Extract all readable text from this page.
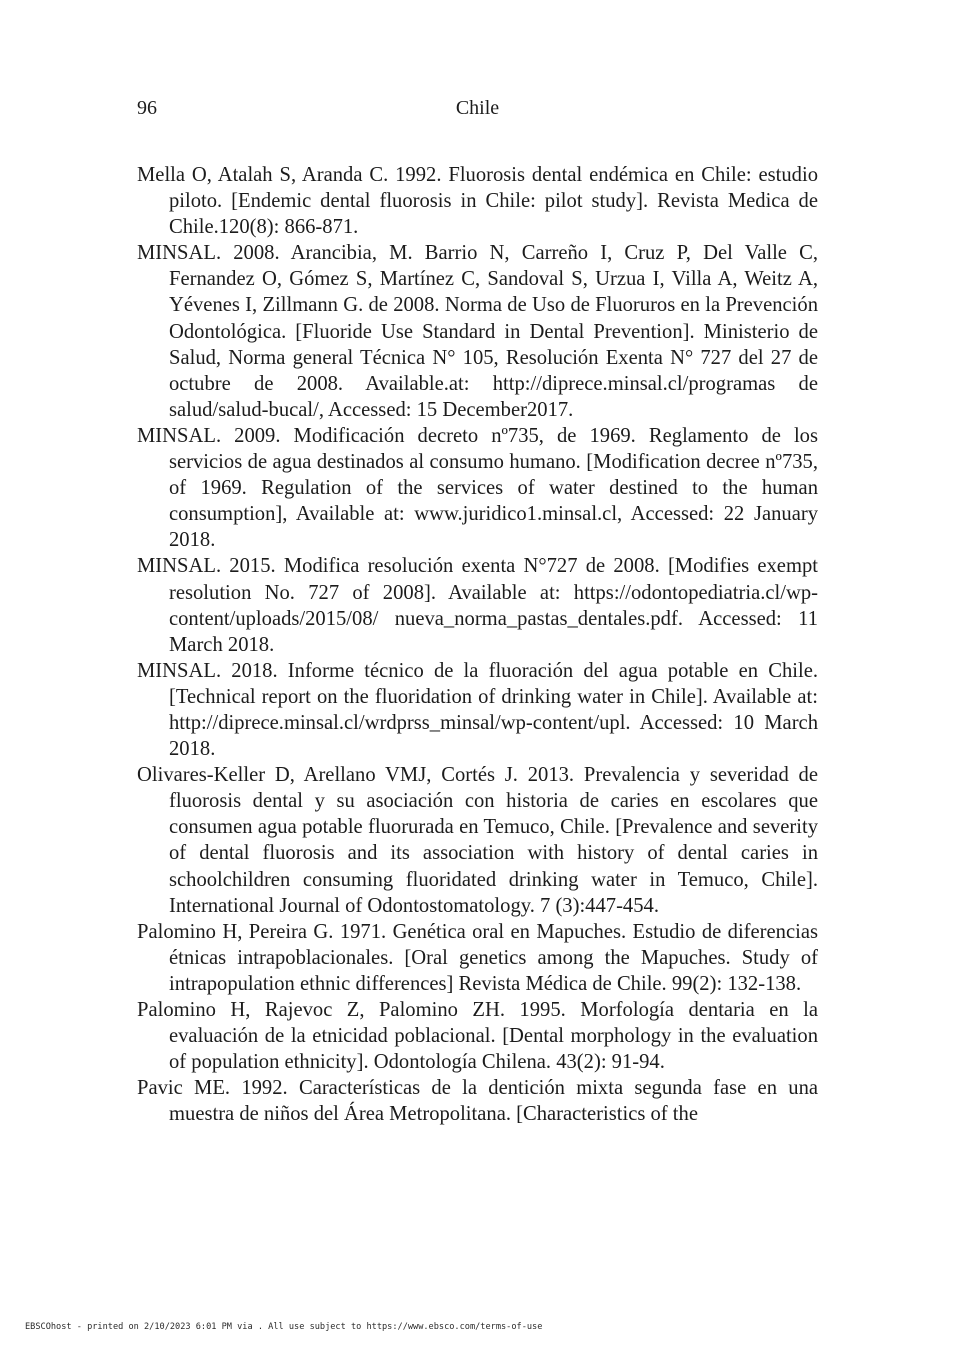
96	Chile
Mella O, Atalah S, Aranda C. 1992. Fluorosis dental endémica en Chile: estudio piloto. [Endemic dental fluorosis in Chile: pilot study]. Revista Medica de Chile.120(8): 866-871.
MINSAL. 2008. Arancibia, M. Barrio N, Carreño I, Cruz P, Del Valle C, Fernandez O, Gómez S, Martínez C, Sandoval S, Urzua I, Villa A, Weitz A, Yévenes I, Zillmann G. de 2008. Norma de Uso de Fluoruros en la Prevención Odontológica. [Fluoride Use Standard in Dental Prevention]. Ministerio de Salud, Norma general Técnica N° 105, Resolución Exenta N° 727 del 27 de octubre de 2008. Available.at: http://diprece.minsal.cl/programas de salud/salud-bucal/, Accessed: 15 December2017.
MINSAL. 2009. Modificación decreto nº735, de 1969. Reglamento de los servicios de agua destinados al consumo humano. [Modification decree nº735, of 1969. Regulation of the services of water destined to the human consumption], Available at: www.juridico1.minsal.cl, Accessed: 22 January 2018.
MINSAL. 2015. Modifica resolución exenta N°727 de 2008. [Modifies exempt resolution No. 727 of 2008]. Available at: https://odontopediatria.cl/wp-content/uploads/2015/08/ nueva_norma_pastas_dentales.pdf. Accessed: 11 March 2018.
MINSAL. 2018. Informe técnico de la fluoración del agua potable en Chile. [Technical report on the fluoridation of drinking water in Chile]. Available at: http://diprece.minsal.cl/wrdprss_minsal/wp-content/upl. Accessed: 10 March 2018.
Olivares-Keller D, Arellano VMJ, Cortés J. 2013. Prevalencia y severidad de fluorosis dental y su asociación con historia de caries en escolares que consumen agua potable fluorurada en Temuco, Chile. [Prevalence and severity of dental fluorosis and its association with history of dental caries in schoolchildren consuming fluoridated drinking water in Temuco, Chile]. International Journal of Odontostomatology. 7 (3):447-454.
Palomino H, Pereira G. 1971. Genética oral en Mapuches. Estudio de diferencias étnicas intrapoblacionales. [Oral genetics among the Mapuches. Study of intrapopulation ethnic differences] Revista Médica de Chile. 99(2): 132-138.
Palomino H, Rajevoc Z, Palomino ZH. 1995. Morfología dentaria en la evaluación de la etnicidad poblacional. [Dental morphology in the evaluation of population ethnicity]. Odontología Chilena. 43(2): 91-94.
Pavic ME. 1992. Características de la dentición mixta segunda fase en una muestra de niños del Área Metropolitana. [Characteristics of the
EBSCOhost - printed on 2/10/2023 6:01 PM via . All use subject to https://www.ebsco.com/terms-of-use
